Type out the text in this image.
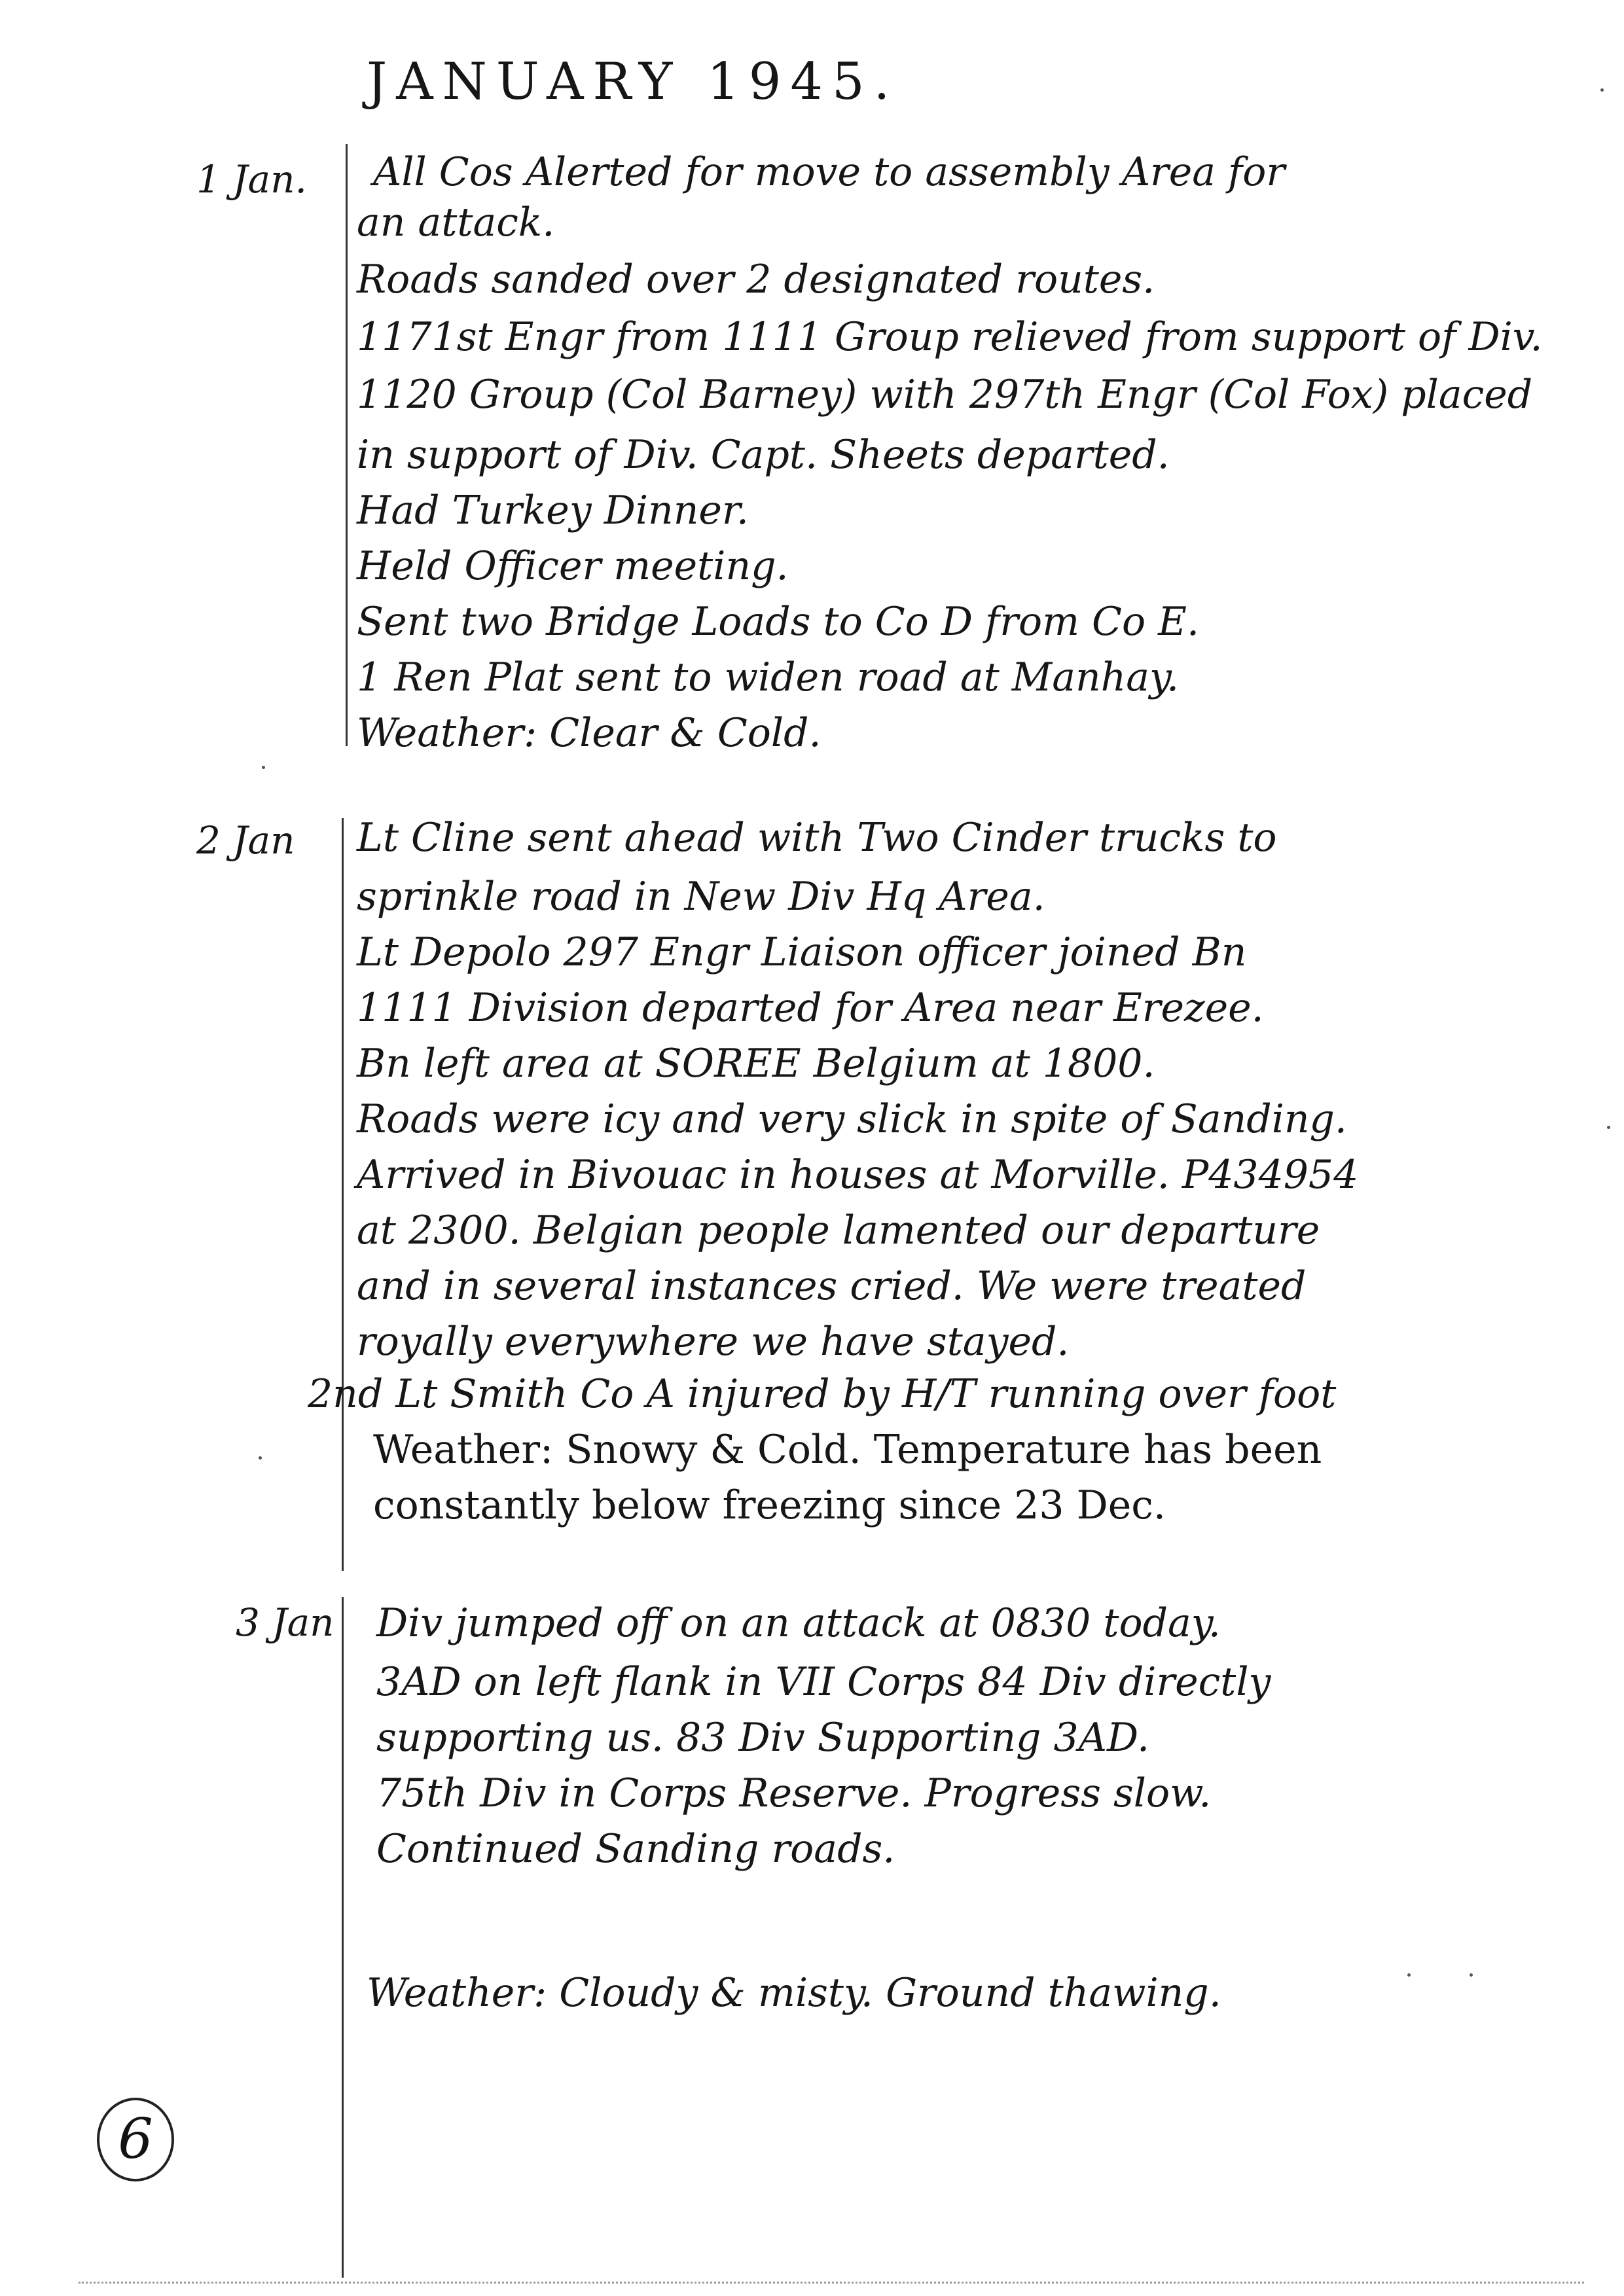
JANUARY 1945.
1 Jan. All Cos Alerted for move to assembly Area for
an attack.
Roads sanded over 2 designated routes.
1171st Engr from 1111 Group relieved from support of Div.
1120 Group (Col Barney) with 297th Engr (Col Fox) placed
in support of Div. Capt. Sheets departed.
Had Turkey Dinner.
Held Officer meeting.
Sent two Bridge Loads to Co D from Co E.
1 Ren Plat sent to widen road at Manhay.
Weather: Clear & Cold.
2 Jan Lt Cline sent ahead with Two Cinder trucks to
sprinkle road in New Div Hq Area.
Lt Depolo 297 Engr Liaison officer joined Bn
1111 Division departed for Area near Erezee.
Bn left area at SOREE Belgium at 1800.
Roads were icy and very slick in spite of Sanding.
Arrived in Bivouac in houses at Morville. P434954
at 2300. Belgian people lamented our departure
and in several instances cried. We were treated
royally everywhere we have stayed.
2nd Lt Smith Co A injured by H/T running over foot
Weather: Snowy & Cold. Temperature has been
constantly below freezing since 23 Dec.
3 Jan Div jumped off on an attack at 0830 today.
3AD on left flank in VII Corps 84 Div directly
supporting us. 83 Div Supporting 3AD.
75th Div in Corps Reserve. Progress slow.
Continued Sanding roads.
Weather: Cloudy & misty. Ground thawing.
6
